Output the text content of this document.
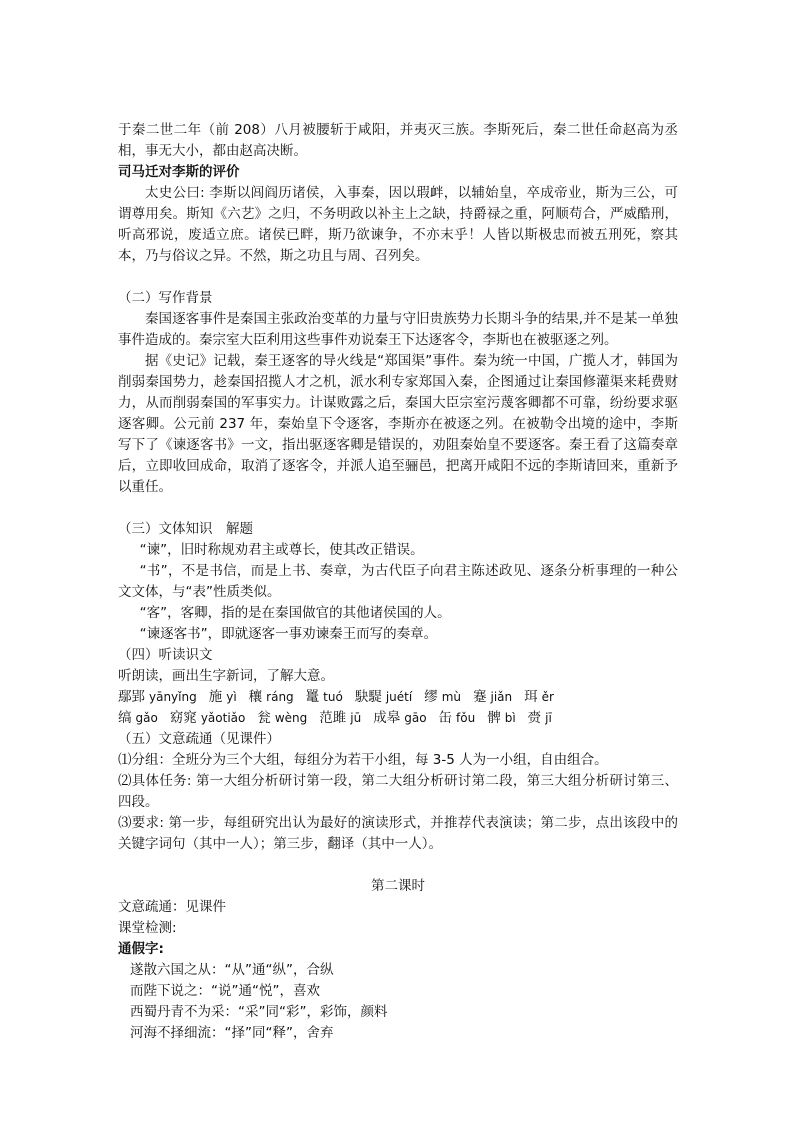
于秦二世二年（前 208）八月被腰斩于咸阳，并夷灭三族。李斯死后，秦二世任命赵高为丞相，事无大小，都由赵高决断。

司马迁对李斯的评价

太史公曰: 李斯以闾阎历诸侯，入事秦，因以瑕衅，以辅始皇，卒成帝业，斯为三公，可谓尊用矣。斯知《六艺》之归，不务明政以补主上之缺，持爵禄之重，阿顺苟合，严威酷刑，听高邪说，废适立庶。诸侯已畔，斯乃欲谏争，不亦末乎！人皆以斯极忠而被五刑死，察其本，乃与俗议之异。不然，斯之功且与周、召列矣。

（二）写作背景

秦国逐客事件是秦国主张政治变革的力量与守旧贵族势力长期斗争的结果,并不是某一单独事件造成的。秦宗室大臣利用这些事件劝说秦王下达逐客令，李斯也在被驱逐之列。

据《史记》记载，秦王逐客的导火线是“郑国渠”事件。秦为统一中国，广揽人才，韩国为削弱秦国势力，趁秦国招揽人才之机，派水利专家郑国入秦，企图通过让秦国修灌渠来耗费财力，从而削弱秦国的军事实力。计谋败露之后，秦国大臣宗室污蔑客卿都不可靠，纷纷要求驱逐客卿。公元前 237 年，秦始皇下令逐客，李斯亦在被逐之列。在被勒令出境的途中，李斯写下了《谏逐客书》一文，指出驱逐客卿是错误的，劝阻秦始皇不要逐客。秦王看了这篇奏章后，立即收回成命，取消了逐客令，并派人追至骊邑，把离开咸阳不远的李斯请回来，重新予以重任。

（三）文体知识　解题

“谏”，旧时称规劝君主或尊长，使其改正错误。

“书”，不是书信，而是上书、奏章，为古代臣子向君主陈述政见、逐条分析事理的一种公文文体，与“表”性质类似。

“客”，客卿，指的是在秦国做官的其他诸侯国的人。

“谏逐客书”，即就逐客一事劝谏秦王而写的奏章。

（四）听读识文

听朗读，画出生字新词，了解大意。

鄢郢 yānyǐng 施 yì 穰 ráng 鼍 tuó 駃騠 juétí 缪 mù 蹇 jiǎn 珥 ěr
缟 gǎo 窈窕 yǎotiǎo 瓮 wèng 范雎 jū 成皋 gāo 缶 fǒu 髀 bì 赍 jī

（五）文意疏通（见课件）

⑴分组：全班分为三个大组，每组分为若干小组，每 3-5 人为一小组，自由组合。

⑵具体任务: 第一大组分析研讨第一段，第二大组分析研讨第二段，第三大组分析研讨第三、四段。

⑶要求: 第一步，每组研究出认为最好的演读形式，并推荐代表演读；第二步，点出该段中的关键字词句（其中一人）；第三步，翻译（其中一人）。

第二课时

文意疏通：见课件

课堂检测:

通假字:

遂散六国之从：“从”通“纵”，合纵

而陛下说之：“说”通“悦”，喜欢

西蜀丹青不为采：“采”同“彩”，彩饰，颜料

河海不择细流：“择”同“释”，舍弃
